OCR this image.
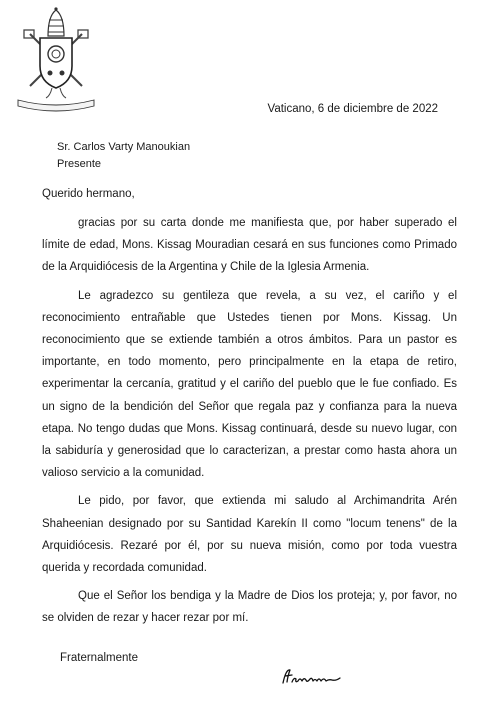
Vaticano, 6 de diciembre de 2022
Sr. Carlos Varty Manoukian
Presente
Querido hermano,

gracias por su carta donde me manifiesta que, por haber superado el límite de edad, Mons. Kissag Mouradian cesará en sus funciones como Primado de la Arquidiócesis de la Argentina y Chile de la Iglesia Armenia.

Le agradezco su gentileza que revela, a su vez, el cariño y el reconocimiento entrañable que Ustedes tienen por Mons. Kissag. Un reconocimiento que se extiende también a otros ámbitos. Para un pastor es importante, en todo momento, pero principalmente en la etapa de retiro, experimentar la cercanía, gratitud y el cariño del pueblo que le fue confiado. Es un signo de la bendición del Señor que regala paz y confianza para la nueva etapa. No tengo dudas que Mons. Kissag continuará, desde su nuevo lugar, con la sabiduría y generosidad que lo caracterizan, a prestar como hasta ahora un valioso servicio a la comunidad.

Le pido, por favor, que extienda mi saludo al Archimandrita Arén Shaheenian designado por su Santidad Karekín II como "locum tenens" de la Arquidiócesis. Rezaré por él, por su nueva misión, como por toda vuestra querida y recordada comunidad.

Que el Señor los bendiga y la Madre de Dios los proteja; y, por favor, no se olviden de rezar y hacer rezar por mí.

Fraternalmente
